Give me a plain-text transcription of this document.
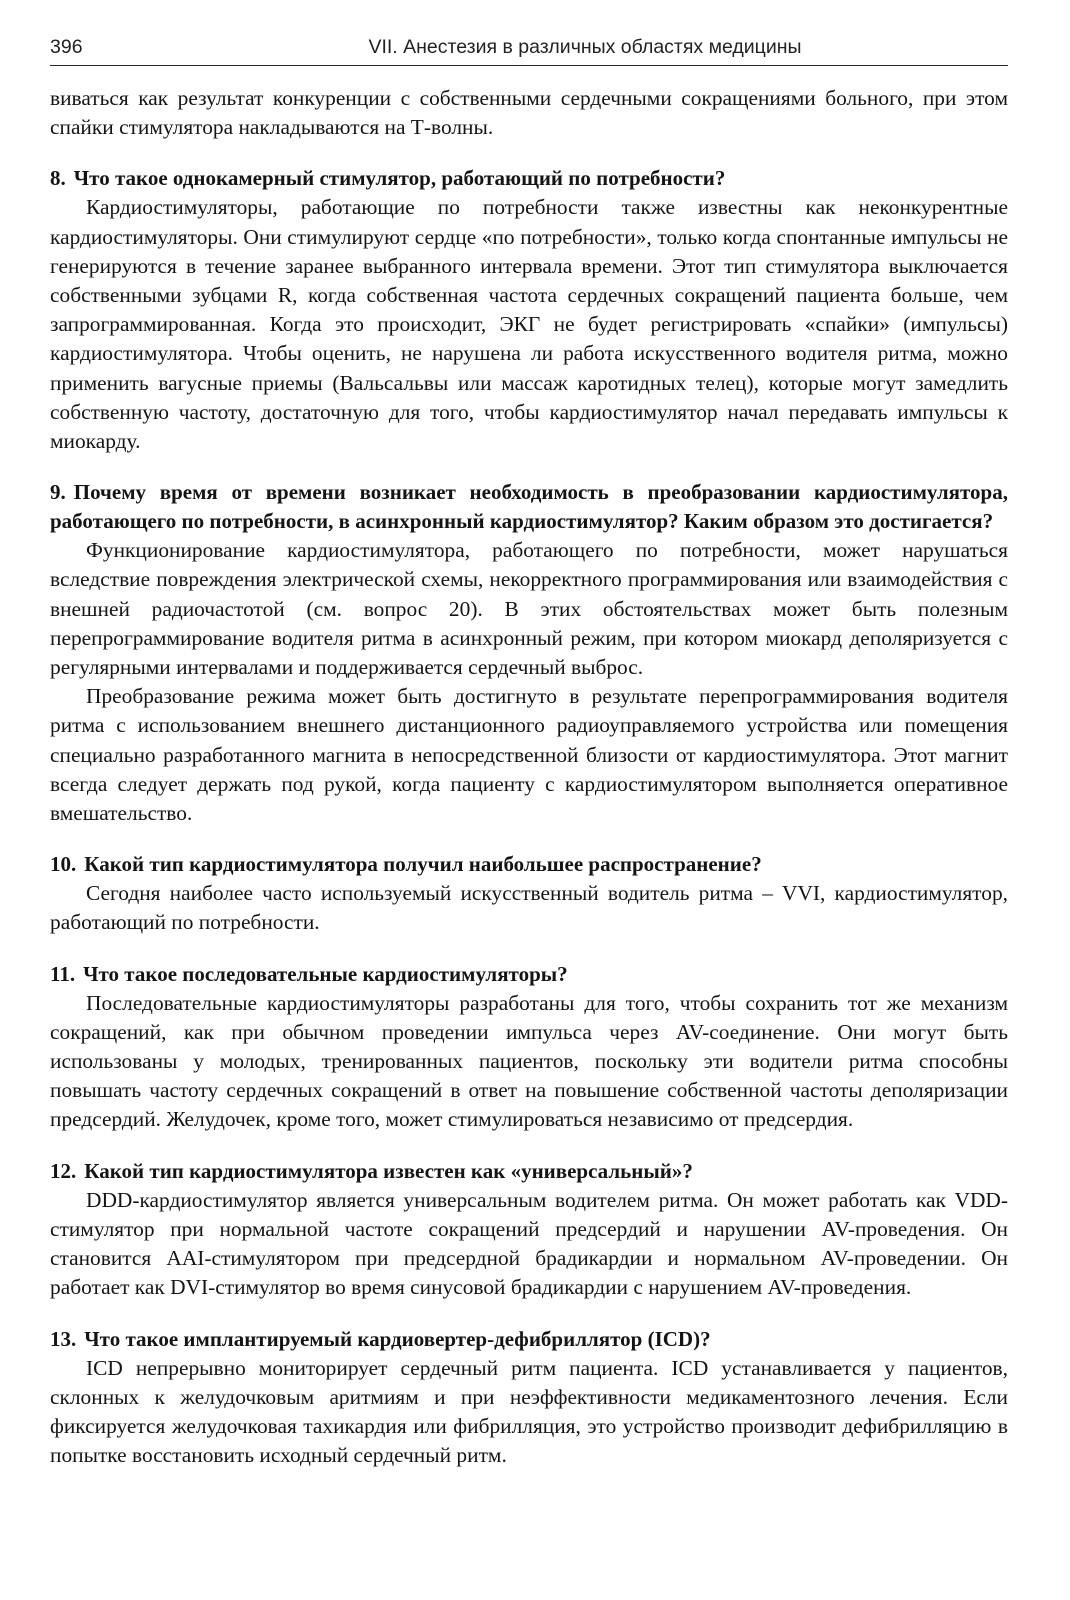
396	VII. Анестезия в различных областях медицины

виваться как результат конкуренции с собственными сердечными сокращениями больного, при этом спайки стимулятора накладываются на Т-волны.

8. Что такое однокамерный стимулятор, работающий по потребности?

Кардиостимуляторы, работающие по потребности также известны как неконкурентные кардиостимуляторы. Они стимулируют сердце «по потребности», только когда спонтанные импульсы не генерируются в течение заранее выбранного интервала времени. Этот тип стимулятора выключается собственными зубцами R, когда собственная частота сердечных сокращений пациента больше, чем запрограммированная. Когда это происходит, ЭКГ не будет регистрировать «спайки» (импульсы) кардиостимулятора. Чтобы оценить, не нарушена ли работа искусственного водителя ритма, можно применить вагусные приемы (Вальсальвы или массаж каротидных телец), которые могут замедлить собственную частоту, достаточную для того, чтобы кардиостимулятор начал передавать импульсы к миокарду.

9. Почему время от времени возникает необходимость в преобразовании кардиостимулятора, работающего по потребности, в асинхронный кардиостимулятор? Каким образом это достигается?

Функционирование кардиостимулятора, работающего по потребности, может нарушаться вследствие повреждения электрической схемы, некорректного программирования или взаимодействия с внешней радиочастотой (см. вопрос 20). В этих обстоятельствах может быть полезным перепрограммирование водителя ритма в асинхронный режим, при котором миокард деполяризуется с регулярными интервалами и поддерживается сердечный выброс.

Преобразование режима может быть достигнуто в результате перепрограммирования водителя ритма с использованием внешнего дистанционного радиоуправляемого устройства или помещения специально разработанного магнита в непосредственной близости от кардиостимулятора. Этот магнит всегда следует держать под рукой, когда пациенту с кардиостимулятором выполняется оперативное вмешательство.

10. Какой тип кардиостимулятора получил наибольшее распространение?

Сегодня наиболее часто используемый искусственный водитель ритма – VVI, кардиостимулятор, работающий по потребности.

11. Что такое последовательные кардиостимуляторы?

Последовательные кардиостимуляторы разработаны для того, чтобы сохранить тот же механизм сокращений, как при обычном проведении импульса через AV-соединение. Они могут быть использованы у молодых, тренированных пациентов, поскольку эти водители ритма способны повышать частоту сердечных сокращений в ответ на повышение собственной частоты деполяризации предсердий. Желудочек, кроме того, может стимулироваться независимо от предсердия.

12. Какой тип кардиостимулятора известен как «универсальный»?

DDD-кардиостимулятор является универсальным водителем ритма. Он может работать как VDD-стимулятор при нормальной частоте сокращений предсердий и нарушении AV-проведения. Он становится AAI-стимулятором при предсердной брадикардии и нормальном AV-проведении. Он работает как DVI-стимулятор во время синусовой брадикардии с нарушением AV-проведения.

13. Что такое имплантируемый кардиовертер-дефибриллятор (ICD)?

ICD непрерывно мониторирует сердечный ритм пациента. ICD устанавливается у пациентов, склонных к желудочковым аритмиям и при неэффективности медикаментозного лечения. Если фиксируется желудочковая тахикардия или фибрилляция, это устройство производит дефибрилляцию в попытке восстановить исходный сердечный ритм.
